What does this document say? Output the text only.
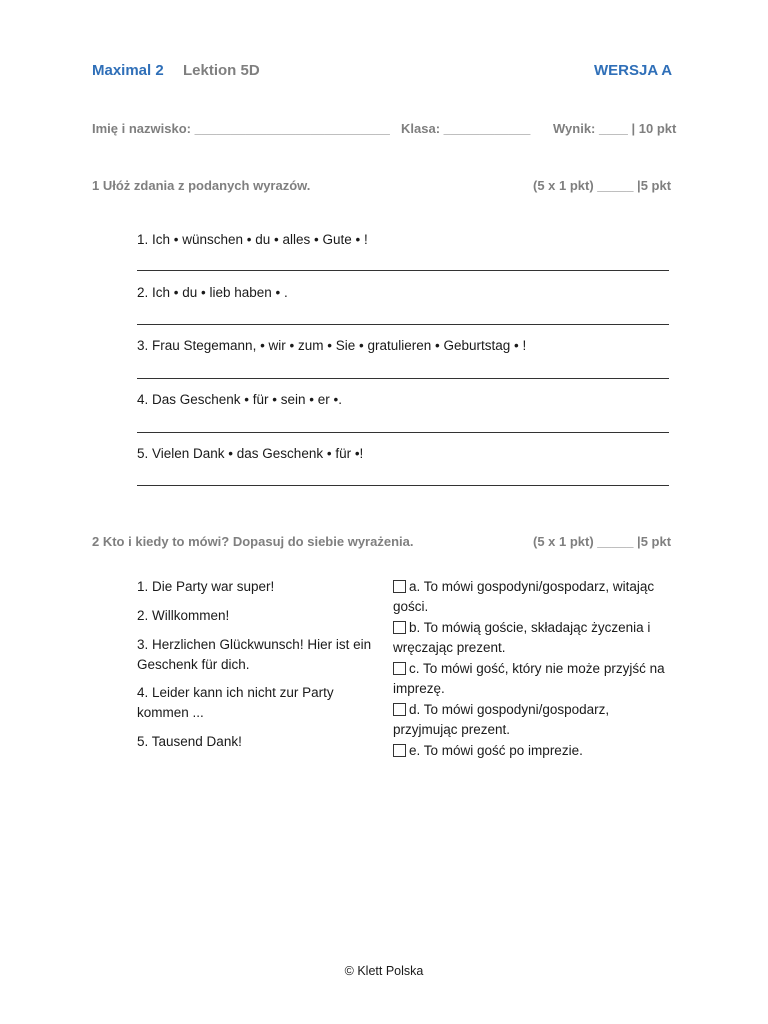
Maximal 2 Lektion 5D	WERSJA A
Imię i nazwisko: ___________________________ Klasa: ____________ Wynik: ____ | 10 pkt
1 Ułóż zdania z podanych wyrazów.	(5 x 1 pkt) _____ |5 pkt
1. Ich • wünschen • du • alles • Gute • !
2. Ich • du • lieb haben • .
3. Frau Stegemann, • wir • zum • Sie • gratulieren • Geburtstag • !
4. Das Geschenk • für • sein • er •.
5. Vielen Dank • das Geschenk • für •!
2 Kto i kiedy to mówi? Dopasuj do siebie wyrażenia.	(5 x 1 pkt) _____ |5 pkt
1. Die Party war super!
2. Willkommen!
3. Herzlichen Glückwunsch! Hier ist ein Geschenk für dich.
4. Leider kann ich nicht zur Party kommen ...
5. Tausend Dank!
a. To mówi gospodyni/gospodarz, witając gości.
b. To mówią goście, składając życzenia i wręczając prezent.
c. To mówi gość, który nie może przyjść na imprezę.
d. To mówi gospodyni/gospodarz, przyjmując prezent.
e. To mówi gość po imprezie.
© Klett Polska
